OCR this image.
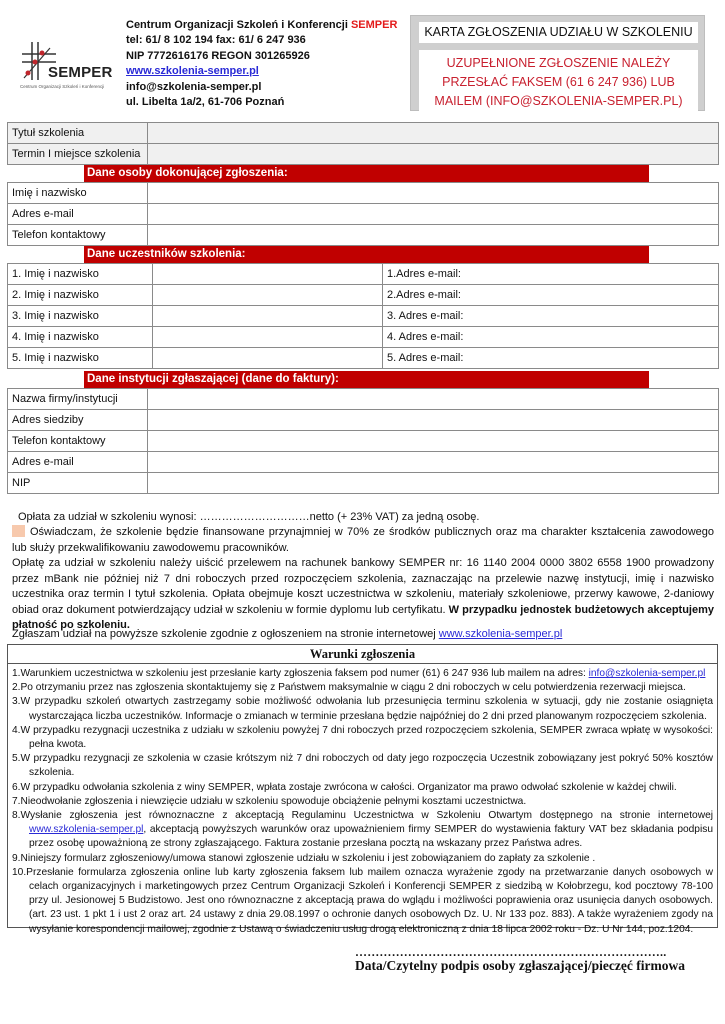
SEMPER
Centrum Organizacji Szkoleń i Konferencji
Centrum Organizacji Szkoleń i Konferencji SEMPER
tel: 61/ 8 102 194 fax: 61/ 6 247 936
NIP 7772616176 REGON 301265926
www.szkolenia-semper.pl
info@szkolenia-semper.pl
ul. Libelta 1a/2, 61-706 Poznań
KARTA ZGŁOSZENIA UDZIAŁU W SZKOLENIU
UZUPEŁNIONE ZGŁOSZENIE NALEŻY PRZESŁAĆ FAKSEM (61 6 247 936) LUB MAILEM (INFO@SZKOLENIA-SEMPER.PL)
Tytuł szkolenia	
Termin I miejsce szkolenia	
Dane osoby dokonującej zgłoszenia:
Imię i nazwisko	
Adres e-mail	
Telefon kontaktowy	
Dane uczestników szkolenia:
1. Imię i nazwisko		1.Adres e-mail:
2. Imię i nazwisko		2.Adres e-mail:
3. Imię i nazwisko		3. Adres e-mail:
4. Imię i nazwisko		4. Adres e-mail:
5. Imię i nazwisko		5. Adres e-mail:
Dane instytucji zgłaszającej (dane do faktury):
Nazwa firmy/instytucji	
Adres siedziby	
Telefon kontaktowy	
Adres e-mail	
NIP	
Opłata za udział w szkoleniu wynosi: …………………………netto (+ 23% VAT) za jedną osobę.
Oświadczam, że szkolenie będzie finansowane przynajmniej w 70% ze środków publicznych oraz ma charakter kształcenia zawodowego lub służy przekwalifikowaniu zawodowemu pracowników.
Opłatę za udział w szkoleniu należy uiścić przelewem na rachunek bankowy SEMPER nr: 16 1140 2004 0000 3802 6558 1900 prowadzony przez mBank nie później niż 7 dni roboczych przed rozpoczęciem szkolenia, zaznaczając na przelewie nazwę instytucji, imię i nazwisko uczestnika oraz termin I tytuł szkolenia. Opłata obejmuje koszt uczestnictwa w szkoleniu, materiały szkoleniowe, przerwy kawowe, 2-daniowy obiad oraz dokument potwierdzający udział w szkoleniu w formie dyplomu lub certyfikatu. W przypadku jednostek budżetowych akceptujemy płatność po szkoleniu.
Zgłaszam udział na powyższe szkolenie zgodnie z ogłoszeniem na stronie internetowej www.szkolenia-semper.pl
Warunki zgłoszenia
1.Warunkiem uczestnictwa w szkoleniu jest przesłanie karty zgłoszenia faksem pod numer (61) 6 247 936 lub mailem na adres: info@szkolenia-semper.pl
2.Po otrzymaniu przez nas zgłoszenia skontaktujemy się z Państwem maksymalnie w ciągu 2 dni roboczych w celu potwierdzenia rezerwacji miejsca.
3.W przypadku szkoleń otwartych zastrzegamy sobie możliwość odwołania lub przesunięcia terminu szkolenia w sytuacji, gdy nie zostanie osiągnięta wystarczająca liczba uczestników. Informacje o zmianach w terminie przesłana będzie najpóźniej do 2 dni przed planowanym rozpoczęciem szkolenia.
4.W przypadku rezygnacji uczestnika z udziału w szkoleniu powyżej 7 dni roboczych przed rozpoczęciem szkolenia, SEMPER zwraca wpłatę w wysokości: pełna kwota.
5.W przypadku rezygnacji ze szkolenia w czasie krótszym niż 7 dni roboczych od daty jego rozpoczęcia Uczestnik zobowiązany jest pokryć 50% kosztów szkolenia.
6.W przypadku odwołania szkolenia z winy SEMPER, wpłata zostaje zwrócona w całości. Organizator ma prawo odwołać szkolenie w każdej chwili.
7.Nieodwołanie zgłoszenia i niewzięcie udziału w szkoleniu spowoduje obciążenie pełnymi kosztami uczestnictwa.
8.Wysłanie zgłoszenia jest równoznaczne z akceptacją Regulaminu Uczestnictwa w Szkoleniu Otwartym dostępnego na stronie internetowej www.szkolenia-semper.pl, akceptacją powyższych warunków oraz upoważnieniem firmy SEMPER do wystawienia faktury VAT bez składania podpisu przez osobę upoważnioną ze strony zgłaszającego. Faktura zostanie przesłana pocztą na wskazany przez Państwa adres.
9.Niniejszy formularz zgłoszeniowy/umowa stanowi zgłoszenie udziału w szkoleniu i jest zobowiązaniem do zapłaty za szkolenie .
10.Przesłanie formularza zgłoszenia online lub karty zgłoszenia faksem lub mailem oznacza wyrażenie zgody na przetwarzanie danych osobowych w celach organizacyjnych i marketingowych przez Centrum Organizacji Szkoleń i Konferencji SEMPER z siedzibą w Kołobrzegu, kod pocztowy 78-100 przy ul. Jesionowej 5 Budzistowo. Jest ono równoznaczne z akceptacją prawa do wglądu i możliwości poprawienia oraz usunięcia danych osobowych. (art. 23 ust. 1 pkt 1 i ust 2 oraz art. 24 ustawy z dnia 29.08.1997 o ochronie danych osobowych Dz. U. Nr 133 poz. 883). A także wyrażeniem zgody na wysyłanie korespondencji mailowej, zgodnie z Ustawą o świadczeniu usług drogą elektroniczną z dnia 18 lipca 2002 roku - Dz. U Nr 144, poz.1204.
…………………………………………………………………..
Data/Czytelny podpis osoby zgłaszającej/pieczęć firmowa
